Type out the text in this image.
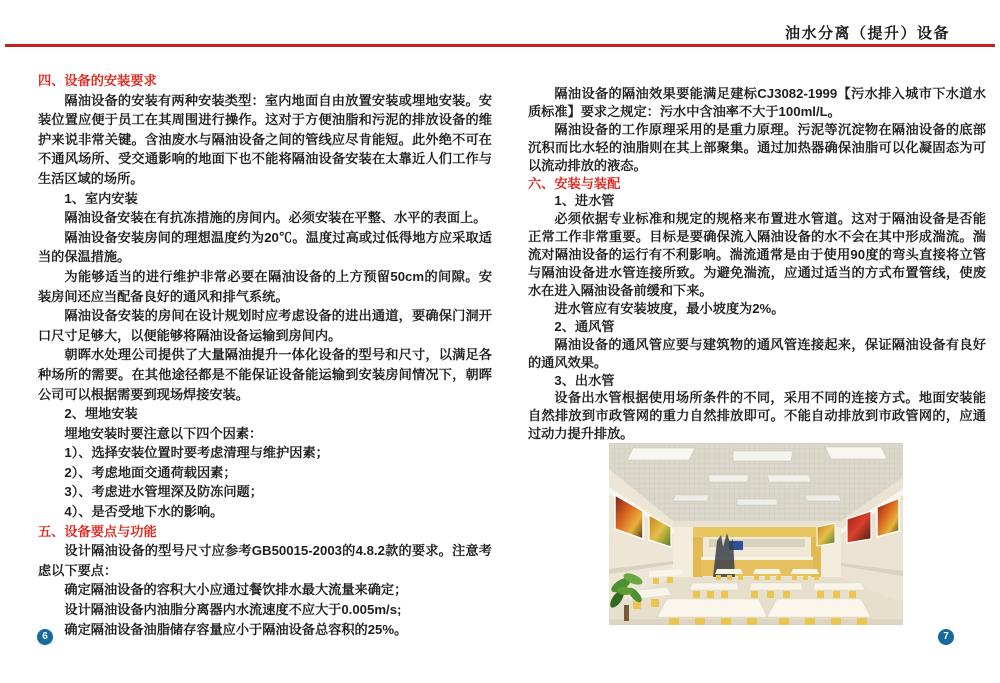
油水分离（提升）设备
四、设备的安装要求
隔油设备的安装有两种安装类型：室内地面自由放置安装或埋地安装。安装位置应便于员工在其周围进行操作。这对于方便油脂和污泥的排放设备的维护来说非常关键。含油废水与隔油设备之间的管线应尽肯能短。此外绝不可在不通风场所、受交通影响的地面下也不能将隔油设备安装在太靠近人们工作与生活区域的场所。
1、室内安装
隔油设备安装在有抗冻措施的房间内。必须安装在平整、水平的表面上。
隔油设备安装房间的理想温度约为20℃。温度过高或过低得地方应采取适当的保温措施。
为能够适当的进行维护非常必要在隔油设备的上方预留50cm的间隙。安装房间还应当配备良好的通风和排气系统。
隔油设备安装的房间在设计规划时应考虑设备的进出通道，要确保门洞开口尺寸足够大，以便能够将隔油设备运输到房间内。
朝晖水处理公司提供了大量隔油提升一体化设备的型号和尺寸，以满足各种场所的需要。在其他途径都是不能保证设备能运输到安装房间情况下，朝晖公司可以根据需要到现场焊接安装。
2、埋地安装
埋地安装时要注意以下四个因素：
1）、选择安装位置时要考虑清理与维护因素；
2）、考虑地面交通荷载因素；
3）、考虑进水管埋深及防冻问题；
4）、是否受地下水的影响。
五、设备要点与功能
设计隔油设备的型号尺寸应参考GB50015-2003的4.8.2款的要求。注意考虑以下要点：
确定隔油设备的容积大小应通过餐饮排水最大流量来确定；
设计隔油设备内油脂分离器内水流速度不应大于0.005m/s;
确定隔油设备油脂储存容量应小于隔油设备总容积的25%。
隔油设备的隔油效果要能满足建标CJ3082-1999【污水排入城市下水道水质标准】要求之规定：污水中含油率不大于100ml/L。
隔油设备的工作原理采用的是重力原理。污泥等沉淀物在隔油设备的底部沉积而比水轻的油脂则在其上部聚集。通过加热器确保油脂可以化凝固态为可以流动排放的液态。
六、安装与装配
1、进水管
必须依据专业标准和规定的规格来布置进水管道。这对于隔油设备是否能正常工作非常重要。目标是要确保流入隔油设备的水不会在其中形成湍流。湍流对隔油设备的运行有不利影响。湍流通常是由于使用90度的弯头直接将立管与隔油设备进水管连接所致。为避免湍流，应通过适当的方式布置管线，使废水在进入隔油设备前缓和下来。
进水管应有安装坡度，最小坡度为2%。
2、通风管
隔油设备的通风管应要与建筑物的通风管连接起来，保证隔油设备有良好的通风效果。
3、出水管
设备出水管根据使用场所条件的不同，采用不同的连接方式。地面安装能自然排放到市政管网的重力自然排放即可。不能自动排放到市政管网的，应通过动力提升排放。
6	7
